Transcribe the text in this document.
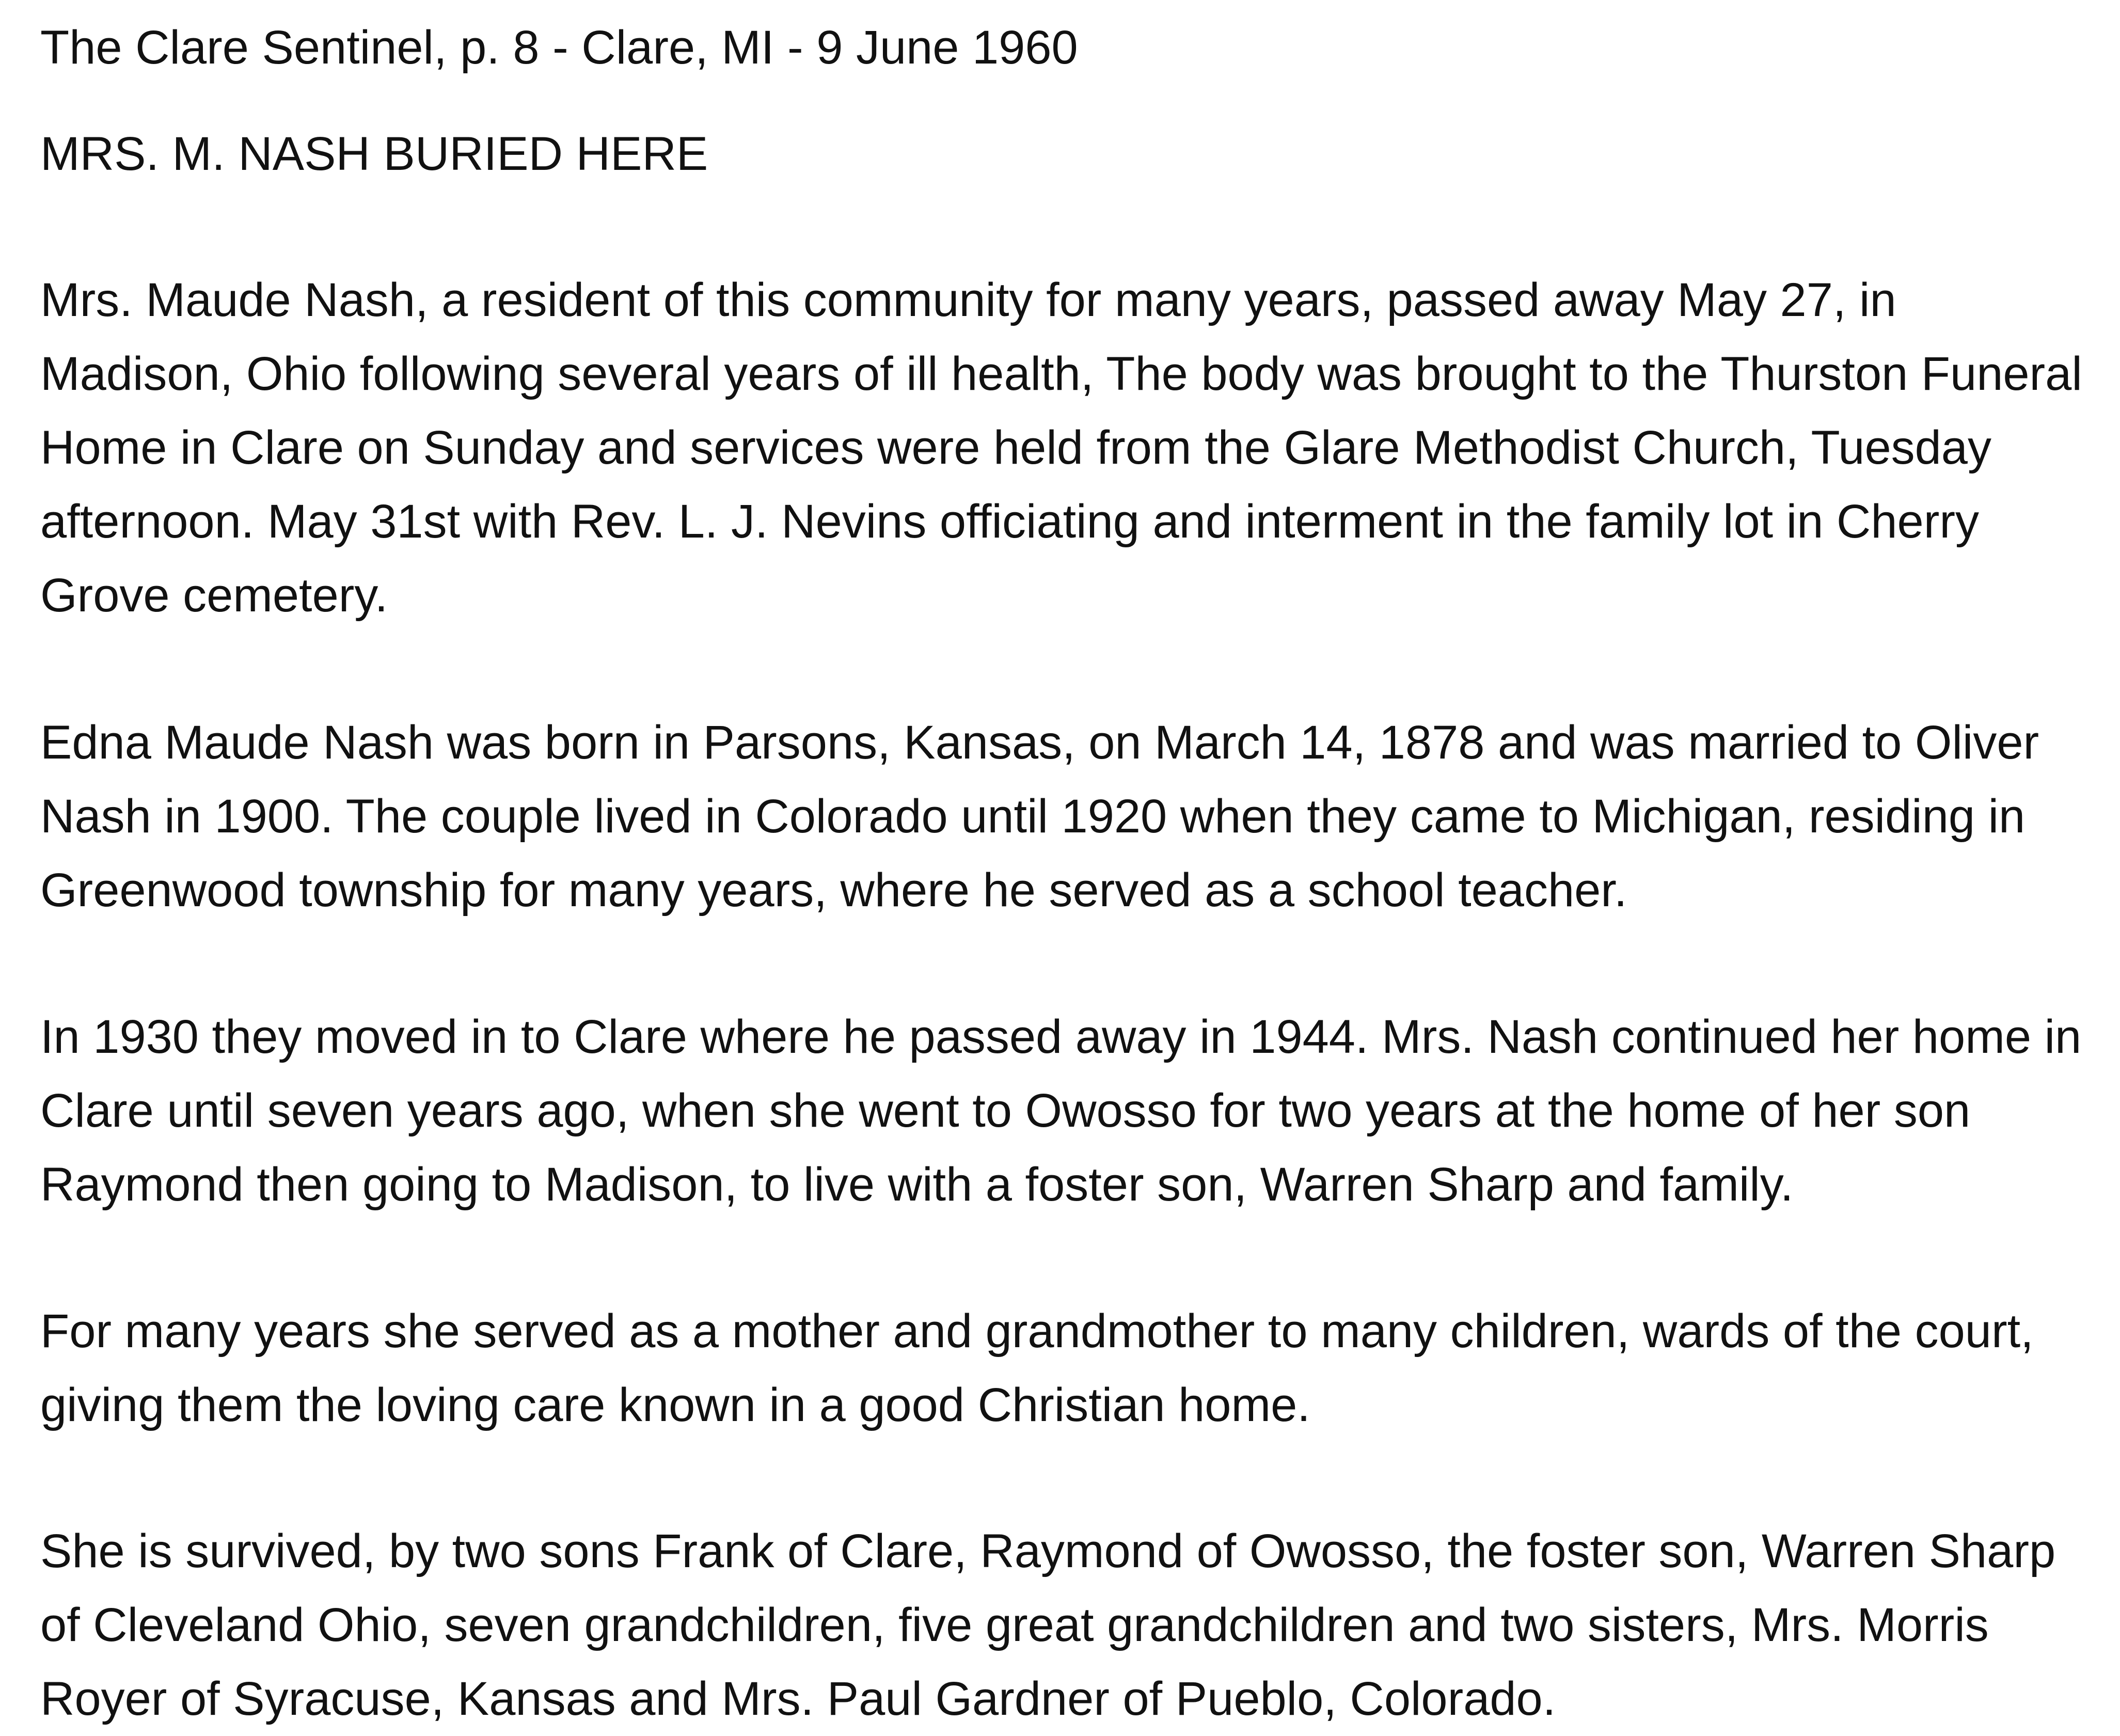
The Clare Sentinel, p. 8 - Clare, MI - 9 June 1960

MRS. M. NASH BURIED HERE

Mrs. Maude Nash, a resident of this community for many years, passed away May 27, in Madison, Ohio following several years of ill health, The body was brought to the Thurston Funeral Home in Clare on Sunday and services were held from the Glare Methodist Church, Tuesday afternoon. May 31st with Rev. L. J. Nevins officiating and interment in the family lot in Cherry Grove cemetery.

Edna Maude Nash was born in Parsons, Kansas, on March 14, 1878 and was married to Oliver Nash in 1900. The couple lived in Colorado until 1920 when they came to Michigan, residing in Greenwood township for many years, where he served as a school teacher.

In 1930 they moved in to Clare where he passed away in 1944. Mrs. Nash continued her home in Clare until seven years ago, when she went to Owosso for two years at the home of her son Raymond then going to Madison, to live with a foster son, Warren Sharp and family.

For many years she served as a mother and grandmother to many children, wards of the court, giving them the loving care known in a good Christian home.

She is survived, by two sons Frank of Clare, Raymond of Owosso, the foster son, Warren Sharp of Cleveland Ohio, seven grandchildren, five great grandchildren and two sisters, Mrs. Morris Royer of Syracuse, Kansas and Mrs. Paul Gardner of Pueblo, Colorado.
